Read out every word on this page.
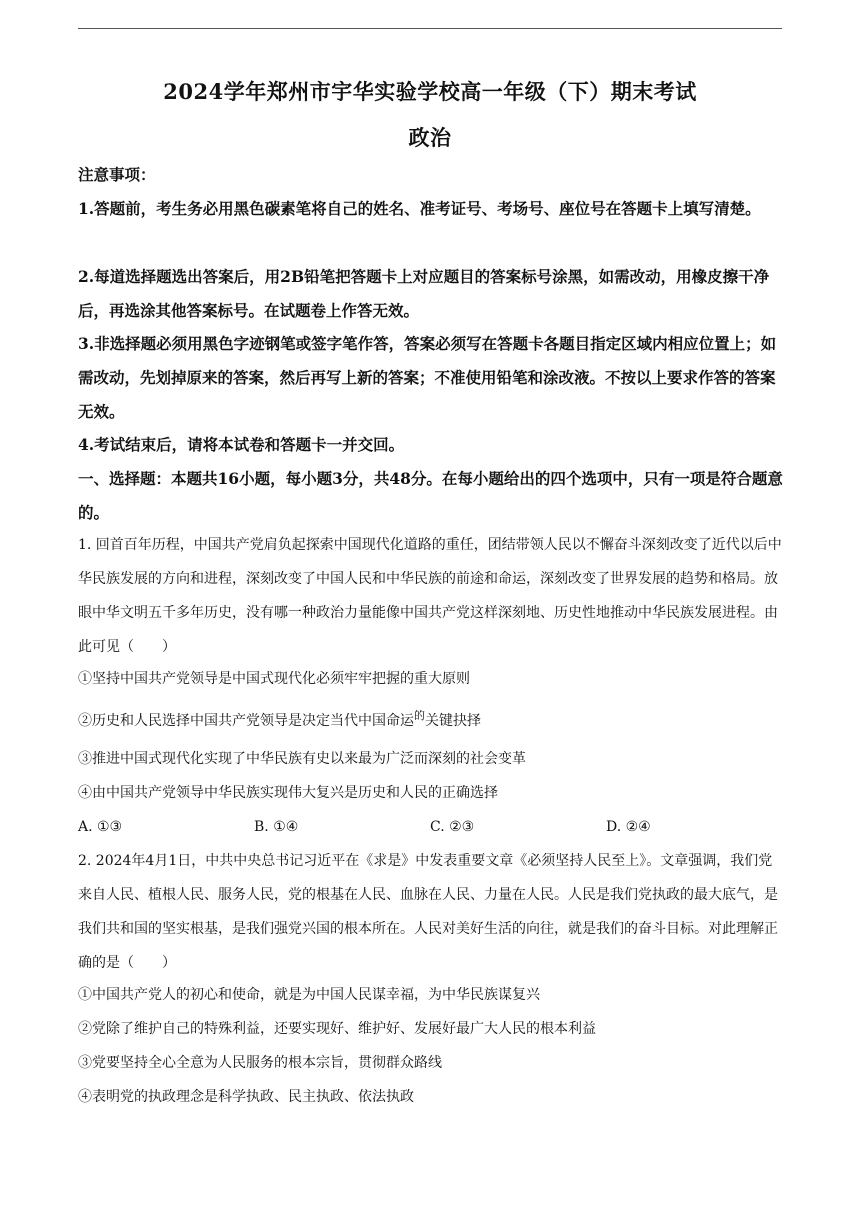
2024学年郑州市宇华实验学校高一年级（下）期末考试
政治
注意事项：
1.答题前，考生务必用黑色碳素笔将自己的姓名、准考证号、考场号、座位号在答题卡上填写清楚。
2.每道选择题选出答案后，用2B铅笔把答题卡上对应题目的答案标号涂黑，如需改动，用橡皮擦干净后，再选涂其他答案标号。在试题卷上作答无效。
3.非选择题必须用黑色字迹钢笔或签字笔作答，答案必须写在答题卡各题目指定区域内相应位置上；如需改动，先划掉原来的答案，然后再写上新的答案；不准使用铅笔和涂改液。不按以上要求作答的答案无效。
4.考试结束后，请将本试卷和答题卡一并交回。
一、选择题：本题共16小题，每小题3分，共48分。在每小题给出的四个选项中，只有一项是符合题意的。
1. 回首百年历程，中国共产党肩负起探索中国现代化道路的重任，团结带领人民以不懈奋斗深刻改变了近代以后中华民族发展的方向和进程，深刻改变了中国人民和中华民族的前途和命运，深刻改变了世界发展的趋势和格局。放眼中华文明五千多年历史，没有哪一种政治力量能像中国共产党这样深刻地、历史性地推动中华民族发展进程。由此可见（　　）
①坚持中国共产党领导是中国式现代化必须牢牢把握的重大原则
②历史和人民选择中国共产党领导是决定当代中国命运$^的$关键抉择
③推进中国式现代化实现了中华民族有史以来最为广泛而深刻的社会变革
④由中国共产党领导中华民族实现伟大复兴是历史和人民的正确选择
A. ①③	B. ①④	C. ②③	D. ②④
2. 2024年4月1日，中共中央总书记习近平在《求是》中发表重要文章《必须坚持人民至上》。文章强调，我们党来自人民、植根人民、服务人民，党的根基在人民、血脉在人民、力量在人民。人民是我们党执政的最大底气，是我们共和国的坚实根基，是我们强党兴国的根本所在。人民对美好生活的向往，就是我们的奋斗目标。对此理解正确的是（　　）
①中国共产党人的初心和使命，就是为中国人民谋幸福，为中华民族谋复兴
②党除了维护自己的特殊利益，还要实现好、维护好、发展好最广大人民的根本利益
③党要坚持全心全意为人民服务的根本宗旨，贯彻群众路线
④表明党的执政理念是科学执政、民主执政、依法执政
